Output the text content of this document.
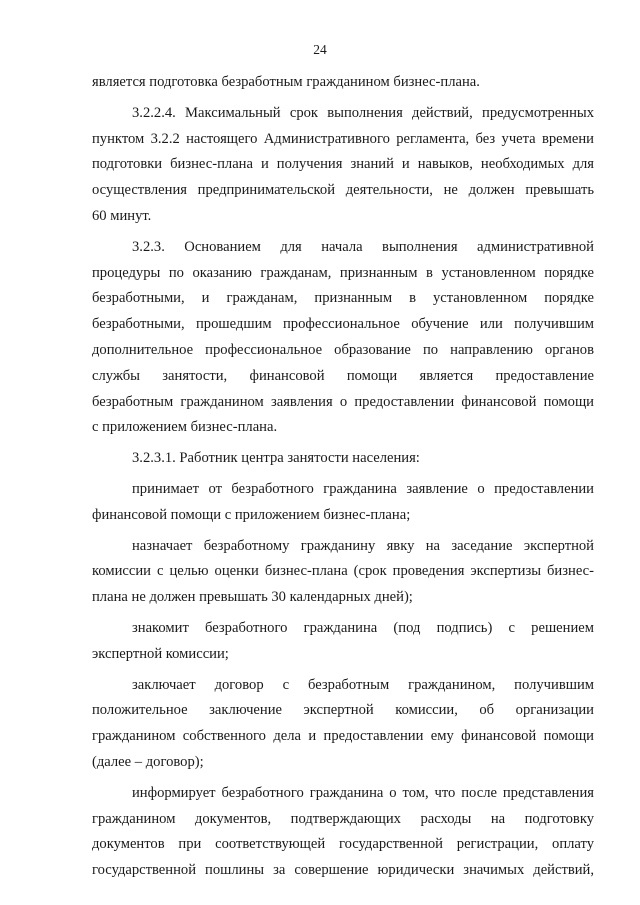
24
является подготовка безработным гражданином бизнес-плана.
3.2.2.4. Максимальный срок выполнения действий, предусмотренных
пунктом 3.2.2 настоящего Административного регламента, без учета времени
подготовки бизнес-плана и получения знаний и навыков, необходимых для
осуществления предпринимательской деятельности, не должен превышать
60 минут.
3.2.3. Основанием для начала выполнения административной
процедуры по оказанию гражданам, признанным в установленном порядке
безработными, и гражданам, признанным в установленном порядке
безработными, прошедшим профессиональное обучение или получившим
дополнительное профессиональное образование по направлению органов
службы занятости, финансовой помощи является предоставление
безработным гражданином заявления о предоставлении финансовой помощи
с приложением бизнес-плана.
3.2.3.1. Работник центра занятости населения:
принимает от безработного гражданина заявление о предоставлении
финансовой помощи с приложением бизнес-плана;
назначает безработному гражданину явку на заседание экспертной
комиссии с целью оценки бизнес-плана (срок проведения экспертизы бизнес-
плана не должен превышать 30 календарных дней);
знакомит безработного гражданина (под подпись) с решением
экспертной комиссии;
заключает договор с безработным гражданином, получившим
положительное заключение экспертной комиссии, об организации
гражданином собственного дела и предоставлении ему финансовой помощи
(далее – договор);
информирует безработного гражданина о том, что после представления
гражданином документов, подтверждающих расходы на подготовку
документов при соответствующей государственной регистрации, оплату
государственной пошлины за совершение юридически значимых действий,
